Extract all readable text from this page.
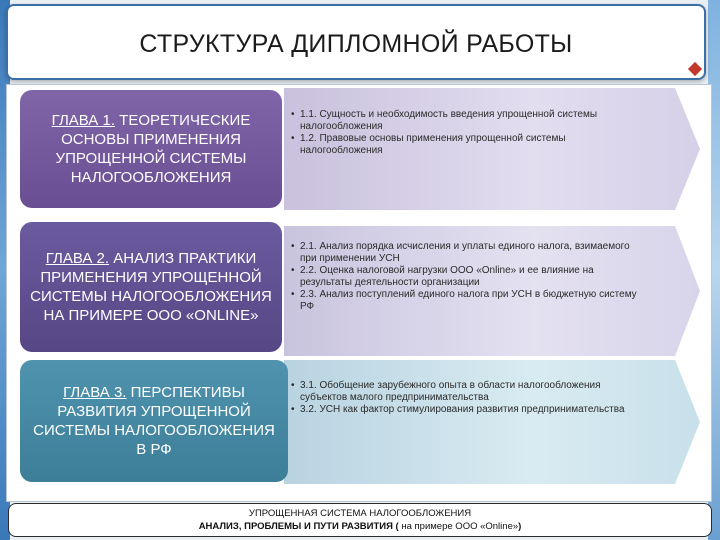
СТРУКТУРА ДИПЛОМНОЙ РАБОТЫ
ГЛАВА 1. ТЕОРЕТИЧЕСКИЕ ОСНОВЫ ПРИМЕНЕНИЯ УПРОЩЕННОЙ СИСТЕМЫ НАЛОГООБЛОЖЕНИЯ
• 1.1. Сущность и необходимость введения упрощенной системы налогообложения
• 1.2. Правовые основы применения упрощенной системы налогообложения
ГЛАВА 2. АНАЛИЗ ПРАКТИКИ ПРИМЕНЕНИЯ УПРОЩЕННОЙ СИСТЕМЫ НАЛОГООБЛОЖЕНИЯ НА ПРИМЕРЕ ООО «ONLINE»
• 2.1. Анализ порядка исчисления и уплаты единого налога, взимаемого при применении УСН
• 2.2. Оценка налоговой нагрузки ООО «Online» и ее влияние на результаты деятельности организации
• 2.3. Анализ поступлений единого налога при УСН в бюджетную систему РФ
ГЛАВА 3. ПЕРСПЕКТИВЫ РАЗВИТИЯ УПРОЩЕННОЙ СИСТЕМЫ НАЛОГООБЛОЖЕНИЯ В РФ
• 3.1. Обобщение зарубежного опыта в области налогообложения субъектов малого предпринимательства
• 3.2. УСН как фактор стимулирования развития предпринимательства
УПРОЩЕННАЯ СИСТЕМА НАЛОГООБЛОЖЕНИЯ
АНАЛИЗ, ПРОБЛЕМЫ И ПУТИ РАЗВИТИЯ ( на примере ООО «Online»)
